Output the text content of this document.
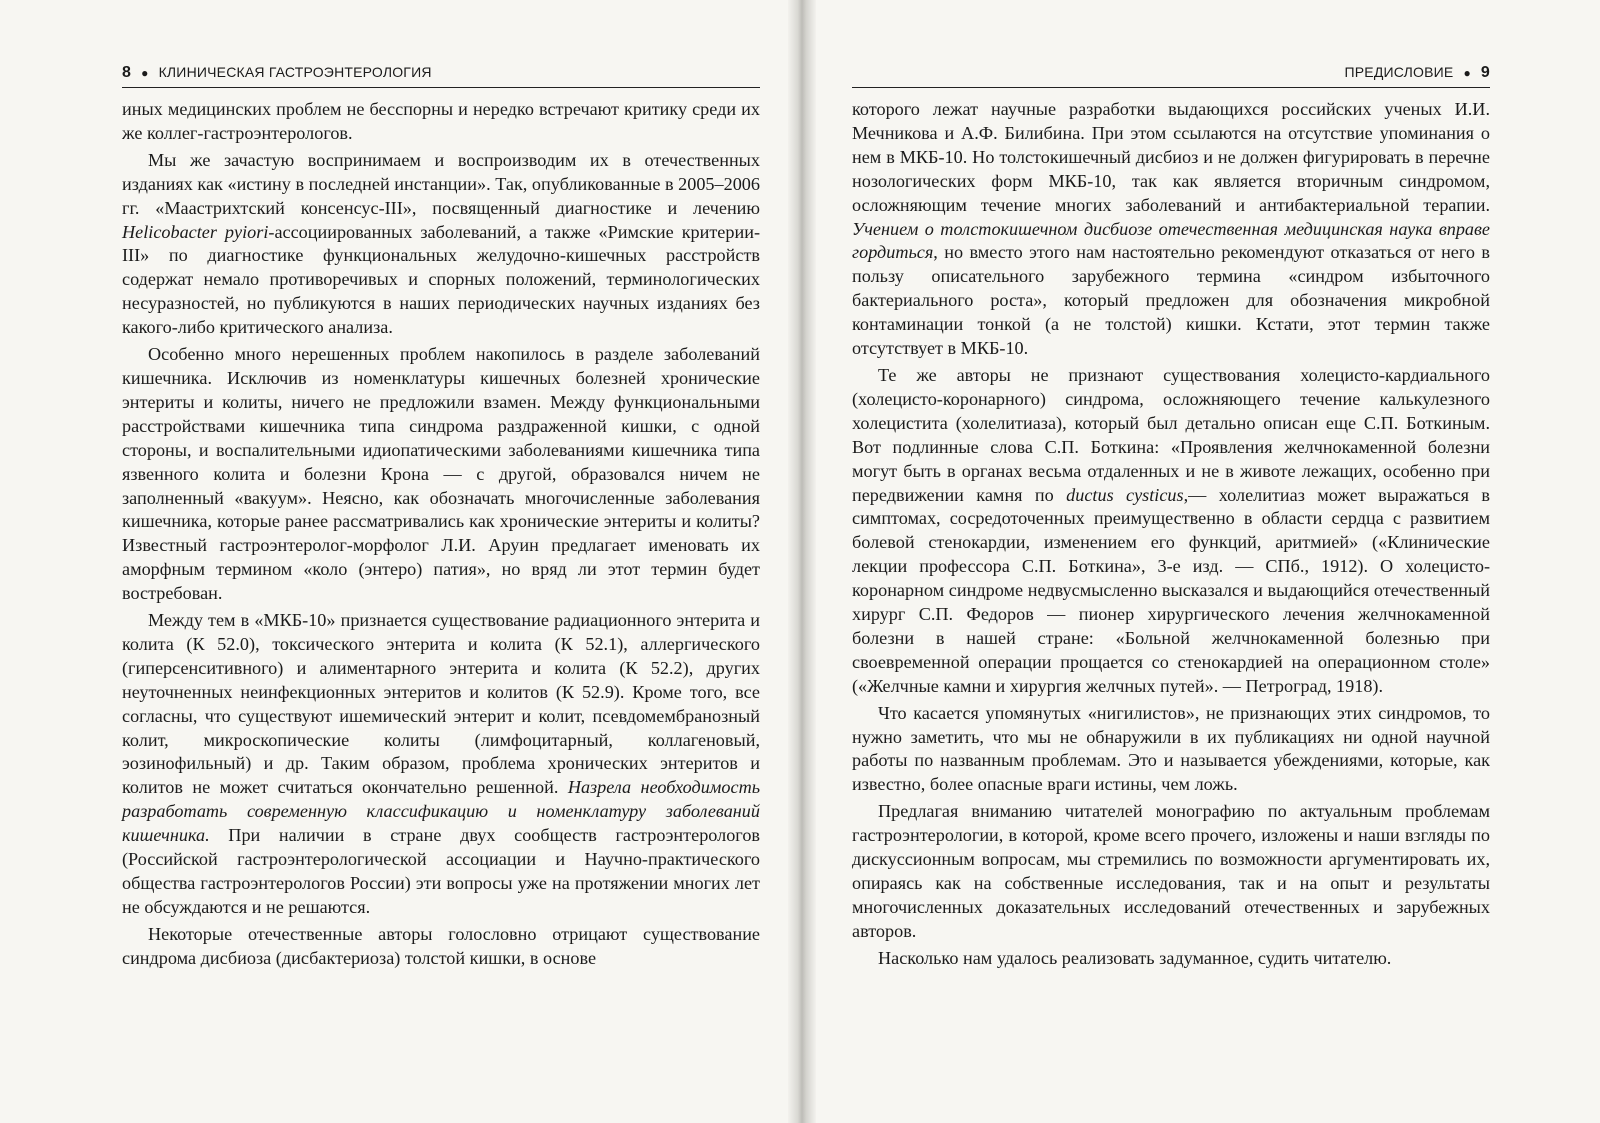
8 ● КЛИНИЧЕСКАЯ ГАСТРОЭНТЕРОЛОГИЯ

иных медицинских проблем не бесспорны и нередко встречают критику среди их же коллег-гастроэнтерологов.

Мы же зачастую воспринимаем и воспроизводим их в отечественных изданиях как «истину в последней инстанции». Так, опубликованные в 2005–2006 гг. «Маастрихтский консенсус-III», посвященный диагностике и лечению Helicobacter pyiori-ассоциированных заболеваний, а также «Римские критерии-III» по диагностике функциональных желудочно-кишечных расстройств содержат немало противоречивых и спорных положений, терминологических несуразностей, но публикуются в наших периодических научных изданиях без какого-либо критического анализа.

Особенно много нерешенных проблем накопилось в разделе заболеваний кишечника. Исключив из номенклатуры кишечных болезней хронические энтериты и колиты, ничего не предложили взамен. Между функциональными расстройствами кишечника типа синдрома раздраженной кишки, с одной стороны, и воспалительными идиопатическими заболеваниями кишечника типа язвенного колита и болезни Крона — с другой, образовался ничем не заполненный «вакуум». Неясно, как обозначать многочисленные заболевания кишечника, которые ранее рассматривались как хронические энтериты и колиты? Известный гастроэнтеролог-морфолог Л.И. Аруин предлагает именовать их аморфным термином «коло (энтеро) патия», но вряд ли этот термин будет востребован.

Между тем в «МКБ-10» признается существование радиационного энтерита и колита (К 52.0), токсического энтерита и колита (К 52.1), аллергического (гиперсенситивного) и алиментарного энтерита и колита (К 52.2), других неуточненных неинфекционных энтеритов и колитов (К 52.9). Кроме того, все согласны, что существуют ишемический энтерит и колит, псевдомембранозный колит, микроскопические колиты (лимфоцитарный, коллагеновый, эозинофильный) и др. Таким образом, проблема хронических энтеритов и колитов не может считаться окончательно решенной. Назрела необходимость разработать современную классификацию и номенклатуру заболеваний кишечника. При наличии в стране двух сообществ гастроэнтерологов (Российской гастроэнтерологической ассоциации и Научно-практического общества гастроэнтерологов России) эти вопросы уже на протяжении многих лет не обсуждаются и не решаются.

Некоторые отечественные авторы голословно отрицают существование синдрома дисбиоза (дисбактериоза) толстой кишки, в основе

ПРЕДИСЛОВИЕ ● 9

которого лежат научные разработки выдающихся российских ученых И.И. Мечникова и А.Ф. Билибина. При этом ссылаются на отсутствие упоминания о нем в МКБ-10. Но толстокишечный дисбиоз и не должен фигурировать в перечне нозологических форм МКБ-10, так как является вторичным синдромом, осложняющим течение многих заболеваний и антибактериальной терапии. Учением о толстокишечном дисбиозе отечественная медицинская наука вправе гордиться, но вместо этого нам настоятельно рекомендуют отказаться от него в пользу описательного зарубежного термина «синдром избыточного бактериального роста», который предложен для обозначения микробной контаминации тонкой (а не толстой) кишки. Кстати, этот термин также отсутствует в МКБ-10.

Те же авторы не признают существования холецисто-кардиального (холецисто-коронарного) синдрома, осложняющего течение калькулезного холецистита (холелитиаза), который был детально описан еще С.П. Боткиным. Вот подлинные слова С.П. Боткина: «Проявления желчнокаменной болезни могут быть в органах весьма отдаленных и не в животе лежащих, особенно при передвижении камня по ductus cysticus,— холелитиаз может выражаться в симптомах, сосредоточенных преимущественно в области сердца с развитием болевой стенокардии, изменением его функций, аритмией» («Клинические лекции профессора С.П. Боткина», 3-е изд. — СПб., 1912). О холецисто-коронарном синдроме недвусмысленно высказался и выдающийся отечественный хирург С.П. Федоров — пионер хирургического лечения желчнокаменной болезни в нашей стране: «Больной желчнокаменной болезнью при своевременной операции прощается со стенокардией на операционном столе» («Желчные камни и хирургия желчных путей». — Петроград, 1918).

Что касается упомянутых «нигилистов», не признающих этих синдромов, то нужно заметить, что мы не обнаружили в их публикациях ни одной научной работы по названным проблемам. Это и называется убеждениями, которые, как известно, более опасные враги истины, чем ложь.

Предлагая вниманию читателей монографию по актуальным проблемам гастроэнтерологии, в которой, кроме всего прочего, изложены и наши взгляды по дискуссионным вопросам, мы стремились по возможности аргументировать их, опираясь как на собственные исследования, так и на опыт и результаты многочисленных доказательных исследований отечественных и зарубежных авторов.

Насколько нам удалось реализовать задуманное, судить читателю.
